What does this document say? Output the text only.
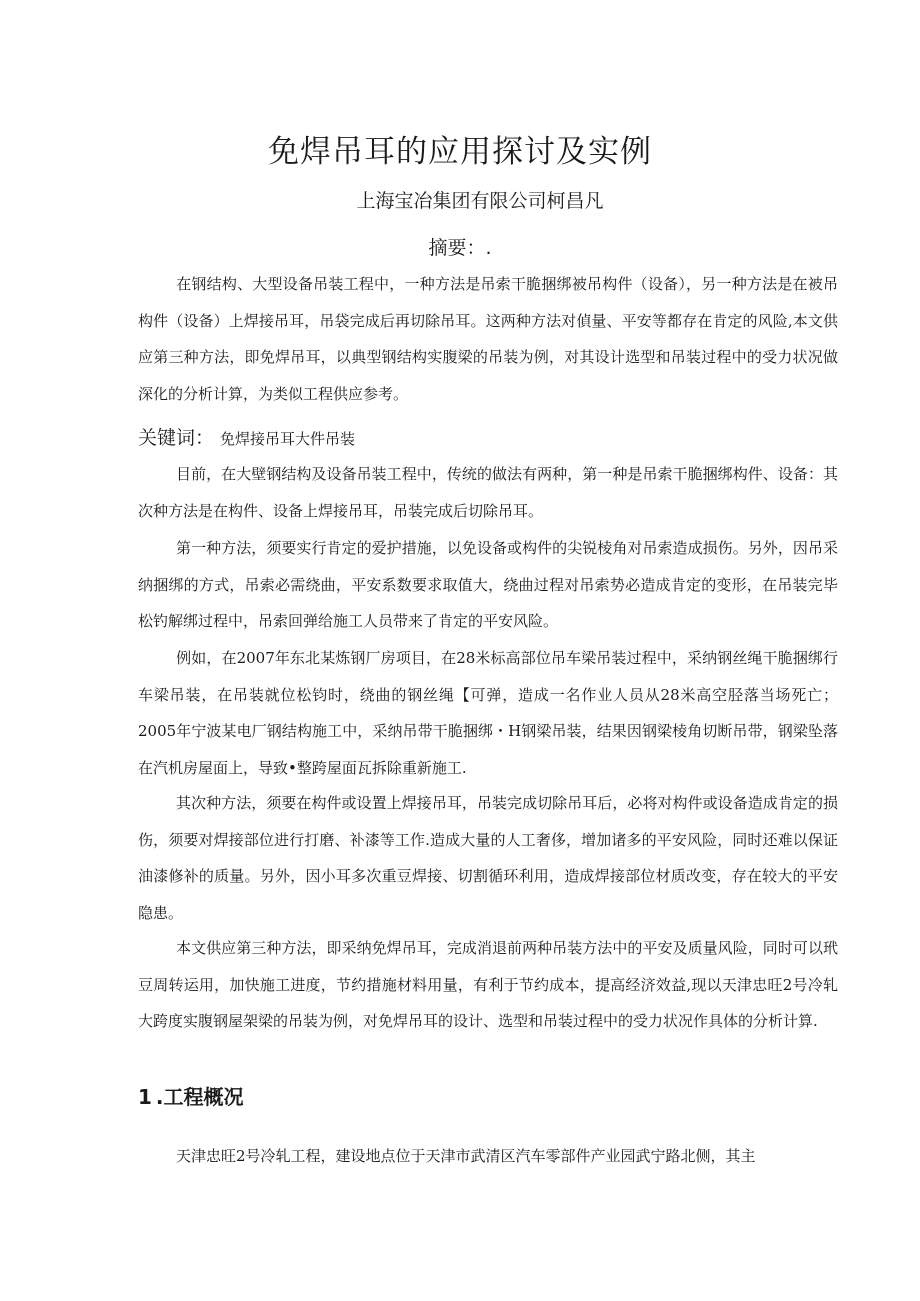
免焊吊耳的应用探讨及实例

上海宝冶集团有限公司柯昌凡

摘要：.

在钢结构、大型设备吊装工程中，一种方法是吊索干脆捆绑被吊构件（设备），另一种方法是在被吊构件（设备）上焊接吊耳，吊袋完成后再切除吊耳。这两种方法对偵量、平安等都存在肯定的风险,本文供应第三种方法，即免焊吊耳，以典型钢结构实腹梁的吊装为例，对其设计选型和吊装过程中的受力状况做深化的分析计算，为类似工程供应参考。

关键词： 免焊接吊耳大件吊装

目前，在大壁钢结构及设备吊装工程中，传统的做法有两种，第一种是吊索干脆捆绑构件、设备：其次种方法是在构件、设备上焊接吊耳，吊装完成后切除吊耳。

第一种方法，须要实行肯定的爱护措施，以免设备或构件的尖锐棱角对吊索造成损伤。另外，因吊采纳捆绑的方式，吊索必需绕曲，平安系数要求取值大，绕曲过程对吊索势必造成肯定的变形，在吊装完毕松钓解绑过程中，吊索回弹给施工人员带来了肯定的平安风险。

例如，在2007年东北某炼钢厂房项目，在28米标高部位吊车梁吊装过程中，采纳钢丝绳干脆捆绑行车梁吊装，在吊装就位松钧时，绕曲的钢丝绳【可弹，造成一名作业人员从28米高空胫落当场死亡；2005年宁波某电厂钢结构施工中，采纳吊带干脆捆绑・H钢梁吊装，结果因钢梁棱角切断吊带，钢梁坠落在汽机房屋面上，导致•整跨屋面瓦拆除重新施工.

其次种方法，须要在构件或设置上焊接吊耳，吊装完成切除吊耳后，必将对构件或设备造成肯定的损伤，须要对焊接部位进行打磨、补漆等工作.造成大量的人工奢侈，增加诸多的平安风险，同时还难以保证油漆修补的质量。另外，因小耳多次重豆焊接、切割循环利用，造成焊接部位材质改变，存在较大的平安隐患。

本文供应第三种方法，即采纳免焊吊耳，完成消退前两种吊装方法中的平安及质量风险，同时可以玳豆周转运用，加快施工进度，节约措施材料用量，有利于节约成本，提高经济效益,现以天津忠旺2号冷轧大跨度实腹钢屋架梁的吊装为例，对免焊吊耳的设计、选型和吊装过程中的受力状况作具体的分析计算.

1 .工程概况

天津忠旺2号冷轧工程，建设地点位于天津市武清区汽车零部件产业园武宁路北侧，其主
